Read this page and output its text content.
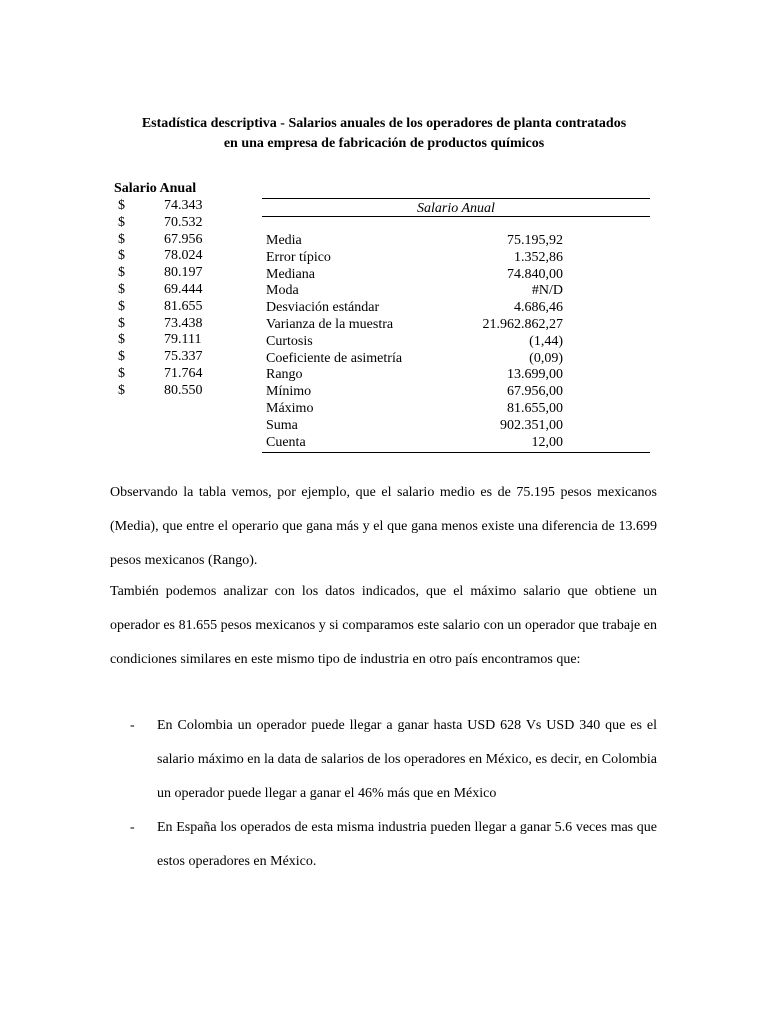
Estadística descriptiva - Salarios anuales de los operadores de planta contratados
en una empresa de fabricación de productos químicos
Salario Anual
$	74.343
$	70.532
$	67.956
$	78.024
$	80.197
$	69.444
$	81.655
$	73.438
$	79.111
$	75.337
$	71.764
$	80.550
Salario Anual
Media	75.195,92
Error típico	1.352,86
Mediana	74.840,00
Moda	#N/D
Desviación estándar	4.686,46
Varianza de la muestra	21.962.862,27
Curtosis	(1,44)
Coeficiente de asimetría	(0,09)
Rango	13.699,00
Mínimo	67.956,00
Máximo	81.655,00
Suma	902.351,00
Cuenta	12,00

Observando la tabla vemos, por ejemplo, que el salario medio es de 75.195 pesos mexicanos (Media), que entre el operario que gana más y el que gana menos existe una diferencia de 13.699 pesos mexicanos (Rango).

También podemos analizar con los datos indicados, que el máximo salario que obtiene un operador es 81.655 pesos mexicanos y si comparamos este salario con un operador que trabaje en condiciones similares en este mismo tipo de industria en otro país encontramos que:

- En Colombia un operador puede llegar a ganar hasta USD 628 Vs USD 340 que es el salario máximo en la data de salarios de los operadores en México, es decir, en Colombia un operador puede llegar a ganar el 46% más que en México
- En España los operados de esta misma industria pueden llegar a ganar 5.6 veces mas que estos operadores en México.
